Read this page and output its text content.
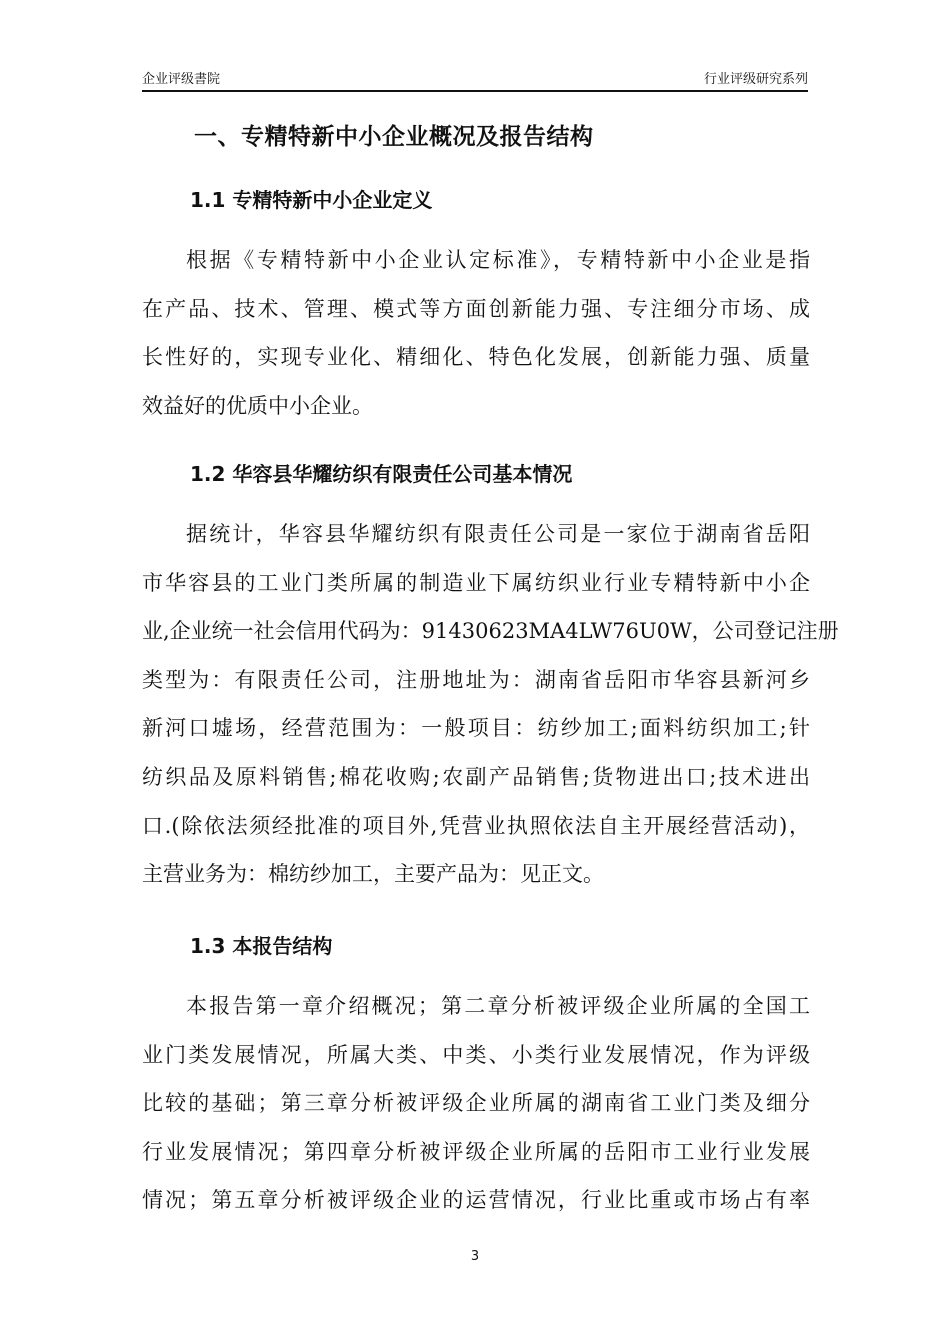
企业评级書院	行业评级研究系列
一、专精特新中小企业概况及报告结构
1.1 专精特新中小企业定义
根据《专精特新中小企业认定标准》，专精特新中小企业是指
在产品、技术、管理、模式等方面创新能力强、专注细分市场、成
长性好的，实现专业化、精细化、特色化发展，创新能力强、质量
效益好的优质中小企业。
1.2 华容县华耀纺织有限责任公司基本情况
据统计，华容县华耀纺织有限责任公司是一家位于湖南省岳阳
市华容县的工业门类所属的制造业下属纺织业行业专精特新中小企
业,企业统一社会信用代码为：91430623MA4LW76U0W，公司登记注册
类型为：有限责任公司，注册地址为：湖南省岳阳市华容县新河乡
新河口墟场，经营范围为：一般项目：纺纱加工;面料纺织加工;针
纺织品及原料销售;棉花收购;农副产品销售;货物进出口;技术进出
口.(除依法须经批准的项目外,凭营业执照依法自主开展经营活动)，
主营业务为：棉纺纱加工，主要产品为：见正文。
1.3 本报告结构
本报告第一章介绍概况；第二章分析被评级企业所属的全国工
业门类发展情况，所属大类、中类、小类行业发展情况，作为评级
比较的基础；第三章分析被评级企业所属的湖南省工业门类及细分
行业发展情况；第四章分析被评级企业所属的岳阳市工业行业发展
情况；第五章分析被评级企业的运营情况，行业比重或市场占有率
3
